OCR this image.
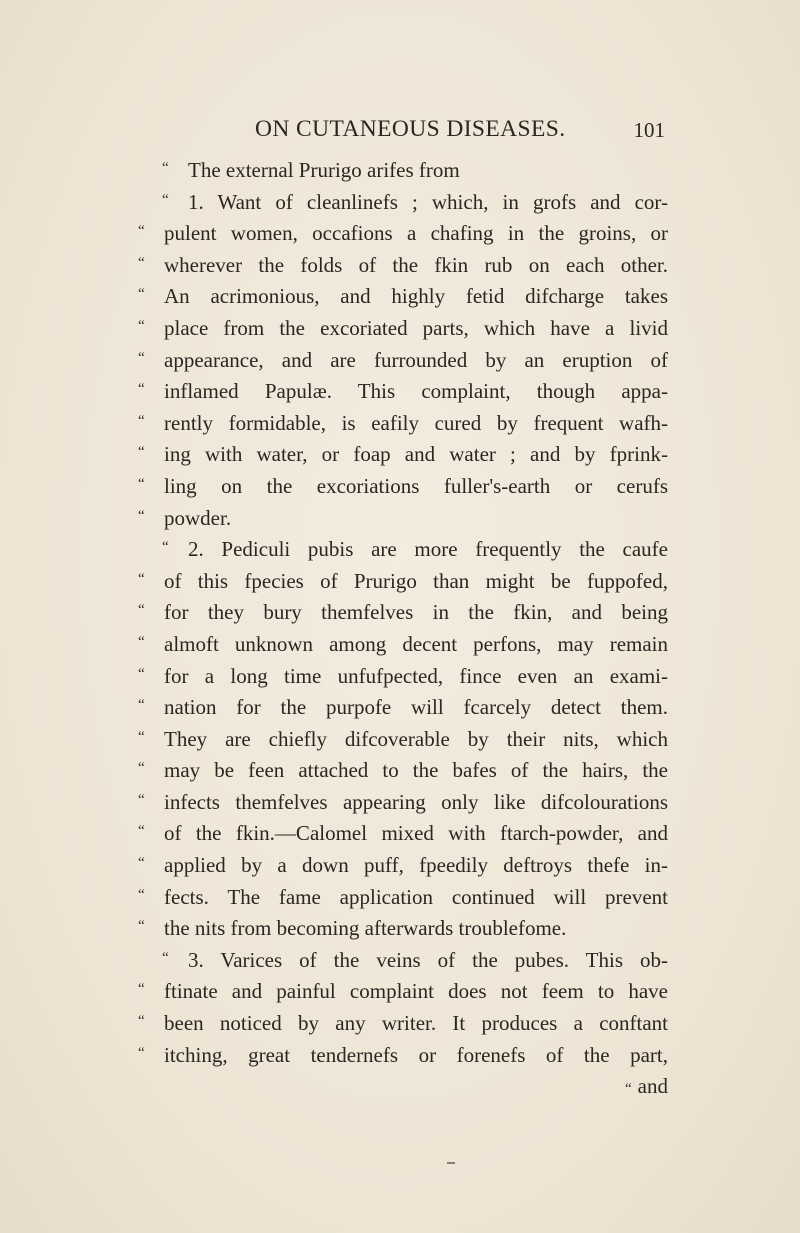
ON CUTANEOUS DISEASES.	101
“ The external Prurigo arifes from
“ 1. Want of cleanlinefs ; which, in grofs and cor-
“ pulent women, occafions a chafing in the groins, or
“ wherever the folds of the fkin rub on each other.
“ An acrimonious, and highly fetid difcharge takes
“ place from the excoriated parts, which have a livid
“ appearance, and are furrounded by an eruption of
“ inflamed Papulæ. This complaint, though appa-
“ rently formidable, is eafily cured by frequent wafh-
“ ing with water, or foap and water ; and by fprink-
“ ling on the excoriations fuller's-earth or cerufs
“ powder.
“ 2. Pediculi pubis are more frequently the caufe
“ of this fpecies of Prurigo than might be fuppofed,
“ for they bury themfelves in the fkin, and being
“ almoft unknown among decent perfons, may remain
“ for a long time unfufpected, fince even an exami-
“ nation for the purpofe will fcarcely detect them.
“ They are chiefly difcoverable by their nits, which
“ may be feen attached to the bafes of the hairs, the
“ infects themfelves appearing only like difcolourations
“ of the fkin.—Calomel mixed with ftarch-powder, and
“ applied by a down puff, fpeedily deftroys thefe in-
“ fects. The fame application continued will prevent
“ the nits from becoming afterwards troublefome.
“ 3. Varices of the veins of the pubes. This ob-
“ ftinate and painful complaint does not feem to have
“ been noticed by any writer. It produces a conftant
“ itching, great tendernefs or forenefs of the part,
“ and
